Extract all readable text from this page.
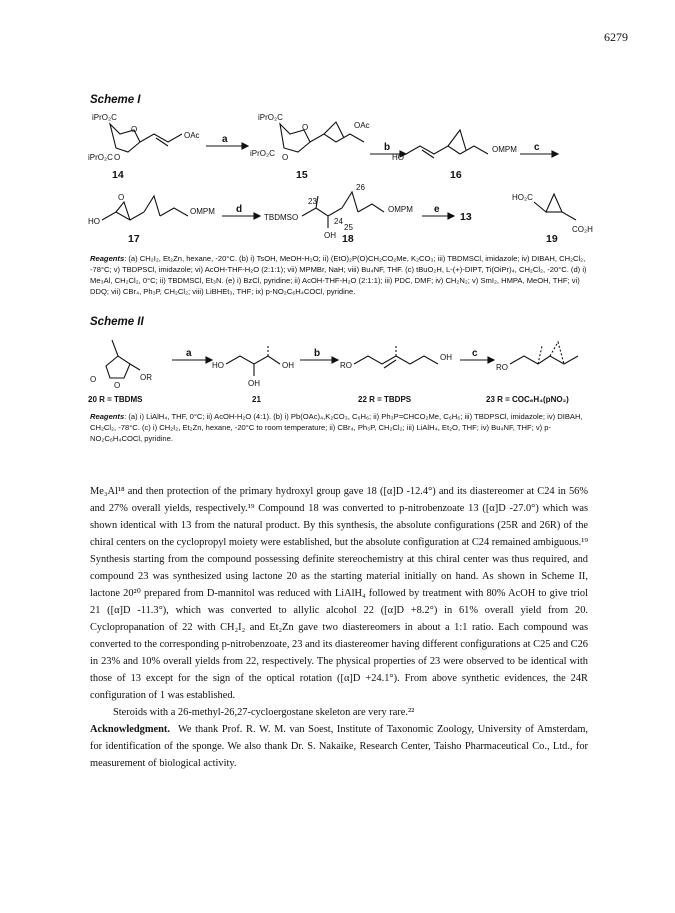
6279
Scheme I
iPrO₂C
O
O
iPrO₂C
OAc a
iPrO₂C
iPrO₂C
O
O
OAc
b
HO
OMPM c
HO
O
OMPM d
TBDMSO
OH
23
24
25
26
OMPM e
HO₂C
CO₂H
14	15	16
17	18
13
19
Reagents: (a) CH₂I₂, Et₂Zn, hexane, -20°C. (b) i) TsOH, MeOH-H₂O; ii) (EtO)₂P(O)CH₂CO₂Me, K₂CO₃; iii) TBDMSCl, imidazole; iv) DIBAH, CH₂Cl₂, -78°C; v) TBDPSCl, imidazole; vi) AcOH-THF-H₂O (2:1:1); vii) MPMBr, NaH; viii) Bu₄NF, THF. (c) tBuO₂H, L-(+)-DIPT, Ti(OiPr)₄, CH₂Cl₂, -20°C. (d) i) Me₃Al, CH₂Cl₂, 0°C; ii) TBDMSCl, Et₃N. (e) i) BzCl, pyridine; ii) AcOH-THF-H₂O (2:1:1); iii) PDC, DMF; iv) CH₂N₂; v) SmI₂, HMPA, MeOH, THF; vi) DDQ; vii) CBr₄, Ph₃P, CH₂Cl₂; viii) LiBHEt₃, THF; ix) p-NO₂C₆H₄COCl, pyridine.
Scheme II
OR
O
O
a
HO
OH
OH
b
RO
OH c
RO
20 R = TBDMS	21	22 R = TBDPS	23 R = COC₆H₄(pNO₂)
Reagents: (a) i) LiAlH₄, THF, 0°C; ii) AcOH-H₂O (4:1). (b) i) Pb(OAc)₄,K₂CO₃, C₆H₆; ii) Ph₃P=CHCO₂Me, C₆H₆; iii) TBDPSCl, imidazole; iv) DIBAH, CH₂Cl₂, -78°C. (c) i) CH₂I₂, Et₂Zn, hexane, -20°C to room temperature; ii) CBr₄, Ph₃P, CH₂Cl₂; iii) LiAlH₄, Et₂O, THF; iv) Bu₄NF, THF; v) p-NO₂C₆H₄COCl, pyridine.

Me₃Al¹⁸ and then protection of the primary hydroxyl group gave 18 ([α]D -12.4°) and its diastereomer at C24 in 56% and 27% overall yields, respectively.¹⁹ Compound 18 was converted to p-nitrobenzoate 13 ([α]D -27.0°) which was shown identical with 13 from the natural product. By this synthesis, the absolute configurations (25R and 26R) of the chiral centers on the cyclopropyl moiety were established, but the absolute configuration at C24 remained ambiguous.¹⁹ Synthesis starting from the compound possessing definite stereochemistry at this chiral center was thus required, and compound 23 was synthesized using lactone 20 as the starting material initially on hand. As shown in Scheme II, lactone 20²⁰ prepared from D-mannitol was reduced with LiAlH₄ followed by treatment with 80% AcOH to give triol 21 ([α]D -11.3°), which was converted to allylic alcohol 22 ([α]D +8.2°) in 61% overall yield from 20. Cyclopropanation of 22 with CH₂I₂ and Et₂Zn gave two diastereomers in about a 1:1 ratio. Each compound was converted to the corresponding p-nitrobenzoate, 23 and its diastereomer having different configurations at C25 and C26 in 23% and 10% overall yields from 22, respectively. The physical properties of 23 were observed to be identical with those of 13 except for the sign of the optical rotation ([α]D +24.1°). From above synthetic evidences, the 24R configuration of 1 was established.

Steroids with a 26-methyl-26,27-cycloergostane skeleton are very rare.²²

Acknowledgment. We thank Prof. R. W. M. van Soest, Institute of Taxonomic Zoology, University of Amsterdam, for identification of the sponge. We also thank Dr. S. Nakaike, Research Center, Taisho Pharmaceutical Co., Ltd., for measurement of biological activity.
